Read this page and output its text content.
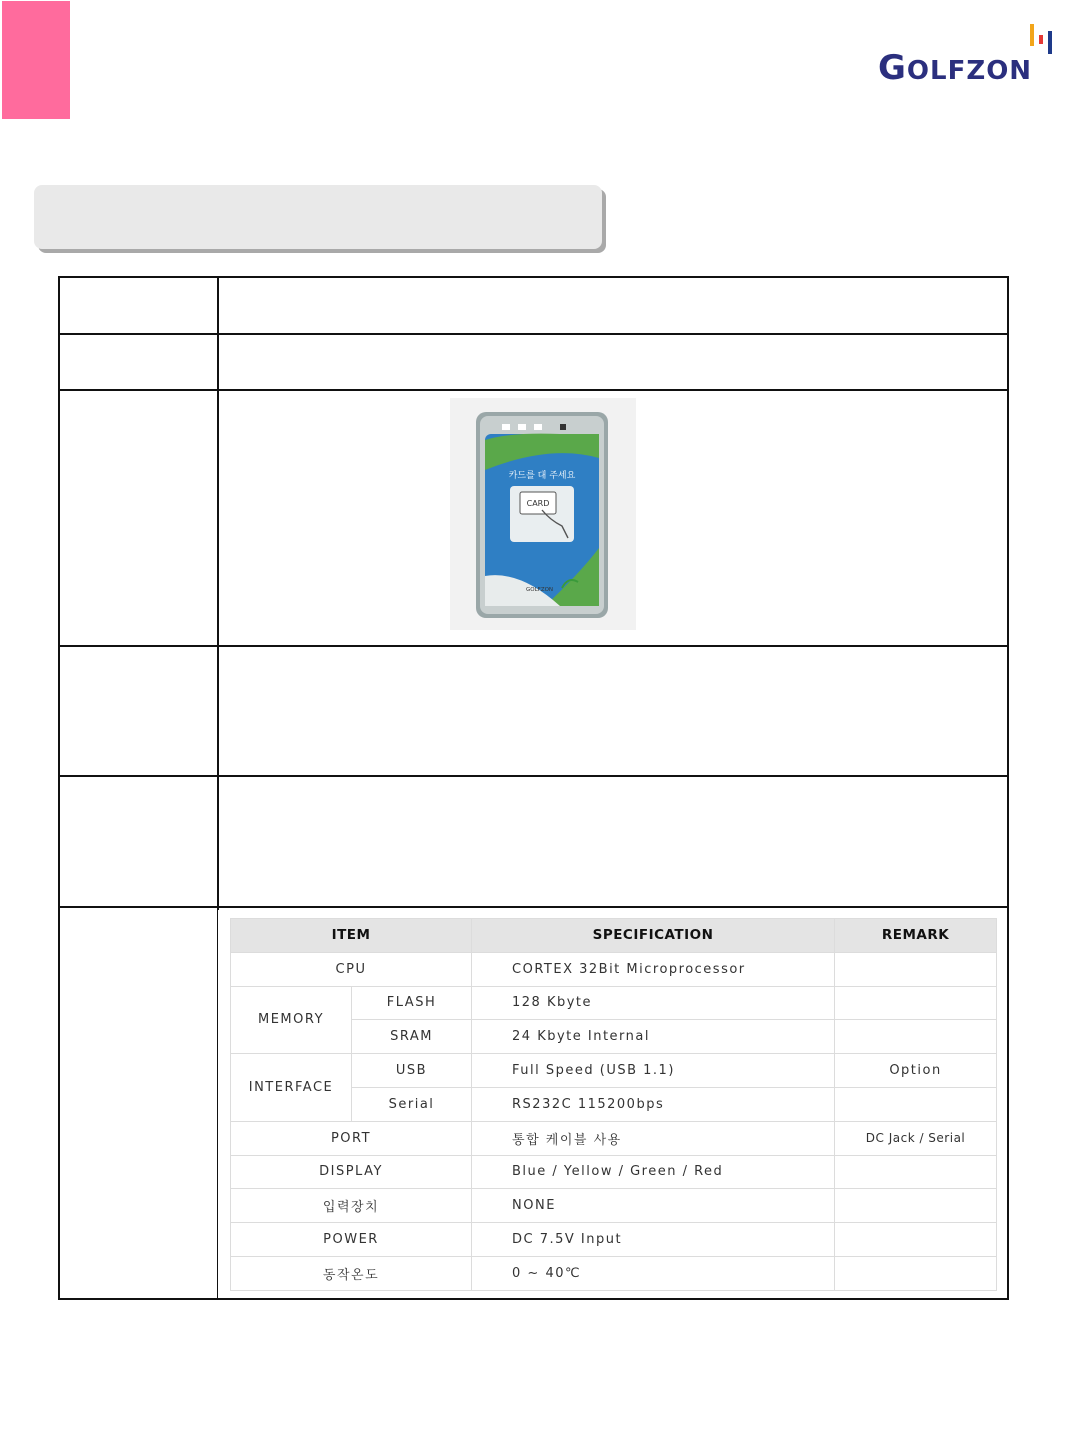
GOLFZON
카드를 대 주세요
CARD
GOLFZON
ITEM		SPECIFICATION	REMARK
CPU		CORTEX 32Bit Microprocessor	
MEMORY	FLASH	128 Kbyte	
	SRAM	24 Kbyte Internal	
INTERFACE	USB	Full Speed (USB 1.1)	Option
	Serial	RS232C 115200bps	
PORT		통합 케이블 사용	DC Jack / Serial
DISPLAY		Blue / Yellow / Green / Red	
입력장치		NONE	
POWER		DC 7.5V Input	
동작온도		0 ~ 40℃	
